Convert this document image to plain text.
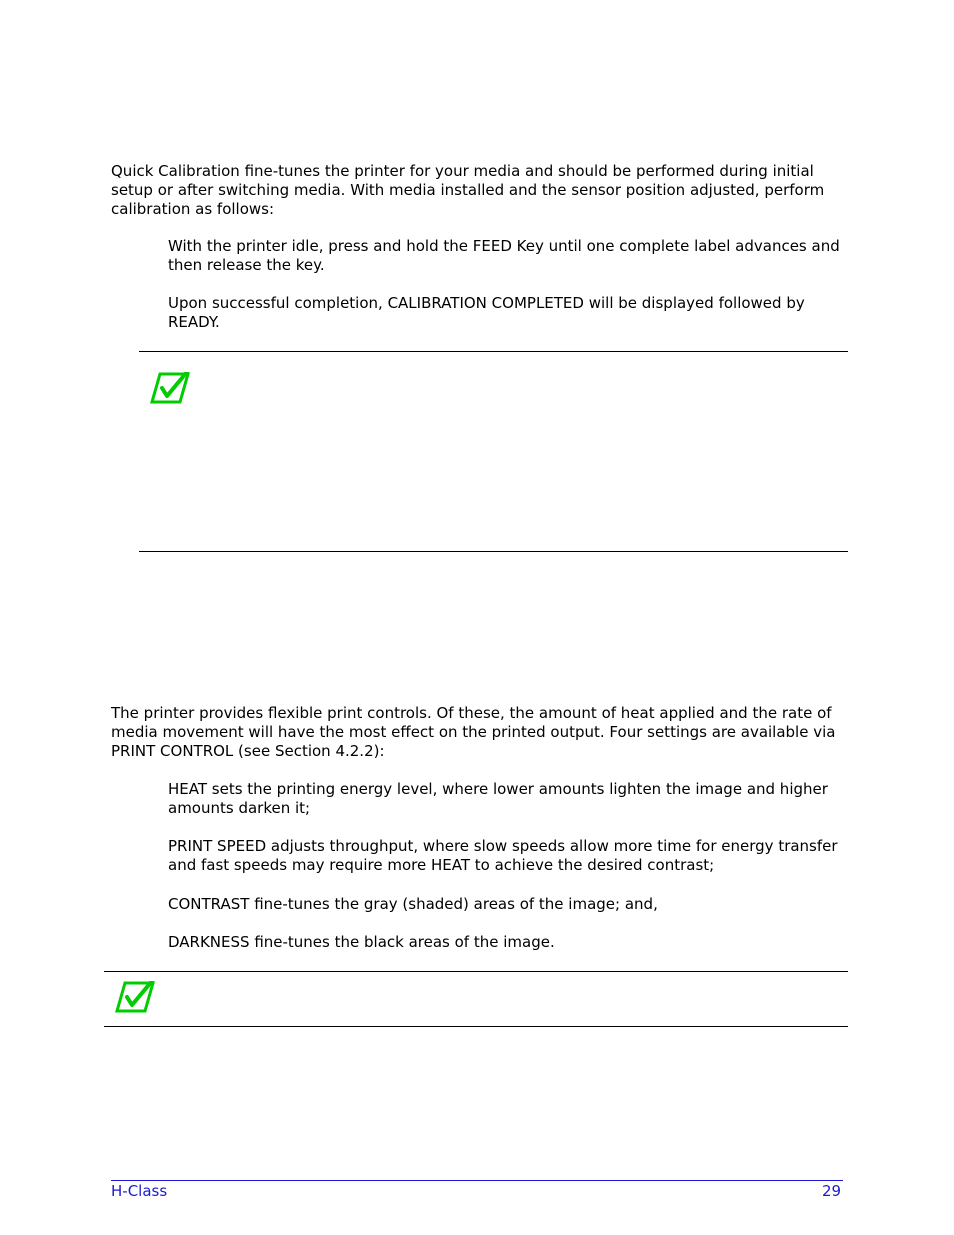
Quick Calibration fine-tunes the printer for your media and should be performed during initial setup or after switching media. With media installed and the sensor position adjusted, perform calibration as follows:

With the printer idle, press and hold the FEED Key until one complete label advances and then release the key.

Upon successful completion, CALIBRATION COMPLETED will be displayed followed by READY.

The printer provides flexible print controls. Of these, the amount of heat applied and the rate of media movement will have the most effect on the printed output. Four settings are available via PRINT CONTROL (see Section 4.2.2):

HEAT sets the printing energy level, where lower amounts lighten the image and higher amounts darken it;

PRINT SPEED adjusts throughput, where slow speeds allow more time for energy transfer and fast speeds may require more HEAT to achieve the desired contrast;

CONTRAST fine-tunes the gray (shaded) areas of the image; and,

DARKNESS fine-tunes the black areas of the image.

H-Class	29
